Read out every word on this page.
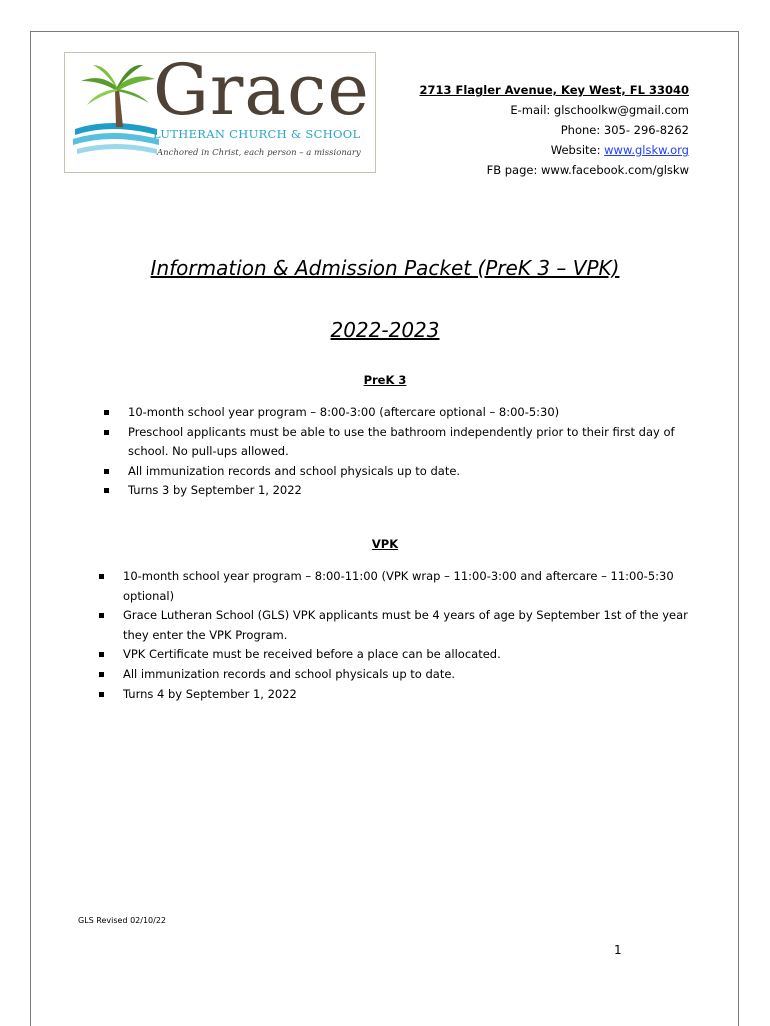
Grace
LUTHERAN CHURCH & SCHOOL
Anchored in Christ, each person – a missionary
2713 Flagler Avenue, Key West, FL 33040
E-mail: glschoolkw@gmail.com
Phone: 305- 296-8262
Website: www.glskw.org
FB page: www.facebook.com/glskw
Information & Admission Packet (PreK 3 – VPK)
2022-2023
PreK 3
10-month school year program – 8:00-3:00 (aftercare optional – 8:00-5:30)
Preschool applicants must be able to use the bathroom independently prior to their first day of school. No pull-ups allowed.
All immunization records and school physicals up to date.
Turns 3 by September 1, 2022
VPK
10-month school year program – 8:00-11:00 (VPK wrap – 11:00-3:00 and aftercare – 11:00-5:30 optional)
Grace Lutheran School (GLS) VPK applicants must be 4 years of age by September 1st of the year they enter the VPK Program.
VPK Certificate must be received before a place can be allocated.
All immunization records and school physicals up to date.
Turns 4 by September 1, 2022
GLS Revised 02/10/22
1
